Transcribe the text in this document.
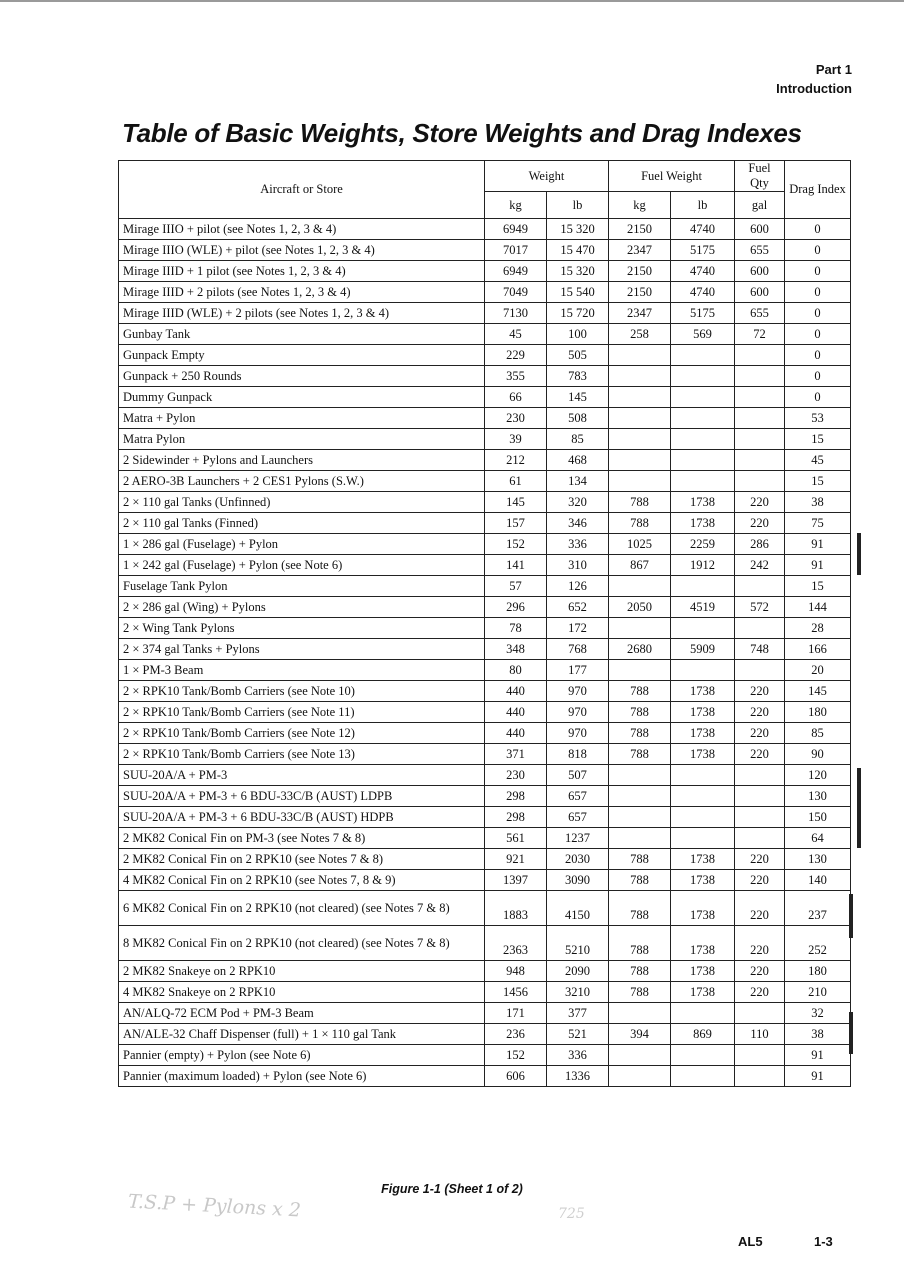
Part 1
Introduction
Table of Basic Weights, Store Weights and Drag Indexes
Aircraft or Store	Weight		Fuel Weight		Fuel Qty	Drag Index
	kg	lb	kg	lb	gal	
Mirage IIIO + pilot (see Notes 1, 2, 3 & 4)	6949	15 320	2150	4740	600	0
Mirage IIIO (WLE) + pilot (see Notes 1, 2, 3 & 4)	7017	15 470	2347	5175	655	0
Mirage IIID + 1 pilot (see Notes 1, 2, 3 & 4)	6949	15 320	2150	4740	600	0
Mirage IIID + 2 pilots (see Notes 1, 2, 3 & 4)	7049	15 540	2150	4740	600	0
Mirage IIID (WLE) + 2 pilots (see Notes 1, 2, 3 & 4)	7130	15 720	2347	5175	655	0
Gunbay Tank	45	100	258	569	72	0
Gunpack Empty	229	505				0
Gunpack + 250 Rounds	355	783				0
Dummy Gunpack	66	145				0
Matra + Pylon	230	508				53
Matra Pylon	39	85				15
2 Sidewinder + Pylons and Launchers	212	468				45
2 AERO-3B Launchers + 2 CES1 Pylons (S.W.)	61	134				15
2 × 110 gal Tanks (Unfinned)	145	320	788	1738	220	38
2 × 110 gal Tanks (Finned)	157	346	788	1738	220	75
1 × 286 gal (Fuselage) + Pylon	152	336	1025	2259	286	91
1 × 242 gal (Fuselage) + Pylon (see Note 6)	141	310	867	1912	242	91
Fuselage Tank Pylon	57	126				15
2 × 286 gal (Wing) + Pylons	296	652	2050	4519	572	144
2 × Wing Tank Pylons	78	172				28
2 × 374 gal Tanks + Pylons	348	768	2680	5909	748	166
1 × PM-3 Beam	80	177				20
2 × RPK10 Tank/Bomb Carriers (see Note 10)	440	970	788	1738	220	145
2 × RPK10 Tank/Bomb Carriers (see Note 11)	440	970	788	1738	220	180
2 × RPK10 Tank/Bomb Carriers (see Note 12)	440	970	788	1738	220	85
2 × RPK10 Tank/Bomb Carriers (see Note 13)	371	818	788	1738	220	90
SUU-20A/A + PM-3	230	507				120
SUU-20A/A + PM-3 + 6 BDU-33C/B (AUST) LDPB	298	657				130
SUU-20A/A + PM-3 + 6 BDU-33C/B (AUST) HDPB	298	657				150
2 MK82 Conical Fin on PM-3 (see Notes 7 & 8)	561	1237				64
2 MK82 Conical Fin on 2 RPK10 (see Notes 7 & 8)	921	2030	788	1738	220	130
4 MK82 Conical Fin on 2 RPK10 (see Notes 7, 8 & 9)	1397	3090	788	1738	220	140
6 MK82 Conical Fin on 2 RPK10 (not cleared) (see Notes 7 & 8)	1883	4150	788	1738	220	237
8 MK82 Conical Fin on 2 RPK10 (not cleared) (see Notes 7 & 8)	2363	5210	788	1738	220	252
2 MK82 Snakeye on 2 RPK10	948	2090	788	1738	220	180
4 MK82 Snakeye on 2 RPK10	1456	3210	788	1738	220	210
AN/ALQ-72 ECM Pod + PM-3 Beam	171	377				32
AN/ALE-32 Chaff Dispenser (full) + 1 × 110 gal Tank	236	521	394	869	110	38
Pannier (empty) + Pylon (see Note 6)	152	336				91
Pannier (maximum loaded) + Pylon (see Note 6)	606	1336				91
Figure 1-1 (Sheet 1 of 2)
T.S.P + Pylons x 2	725
AL5	1-3
